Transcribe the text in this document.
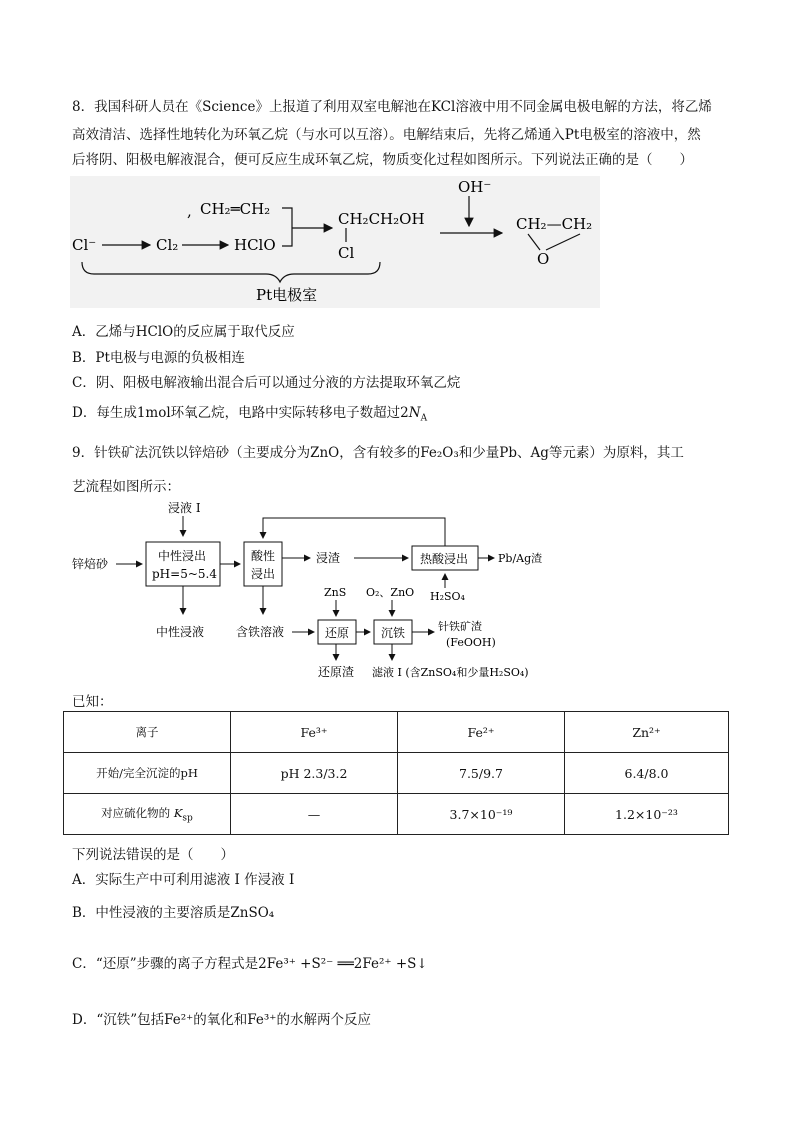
8．我国科研人员在《Science》上报道了利用双室电解池在KCl溶液中用不同金属电极电解的方法，将乙烯
高效清洁、选择性地转化为环氧乙烷（与水可以互溶）。电解结束后，先将乙烯通入Pt电极室的溶液中，然
后将阴、阳极电解液混合，便可反应生成环氧乙烷，物质变化过程如图所示。下列说法正确的是（　　）
Cl⁻	Cl₂	HClO
, CH₂═CH₂
CH₂CH₂OH
Cl
OH⁻
CH₂—CH₂
O
Pt电极室
A．乙烯与HClO的反应属于取代反应
B．Pt电极与电源的负极相连
C．阴、阳极电解液输出混合后可以通过分液的方法提取环氧乙烷
D．每生成1mol环氧乙烷，电路中实际转移电子数超过$2N_A$
9．针铁矿法沉铁以锌焙砂（主要成分为ZnO，含有较多的Fe₂O₃和少量Pb、Ag等元素）为原料，其工
艺流程如图所示：
浸液 I
锌焙砂
中性浸出
pH=5~5.4
酸性
浸出
浸渣	热酸浸出	Pb/Ag渣
H₂SO₄
中性浸液	含铁溶液
ZnS
还原
O₂、ZnO
沉铁	针铁矿渣
(FeOOH)
还原渣 滤液 I (含ZnSO₄和少量H₂SO₄)
已知：
离子	Fe³⁺	Fe²⁺	Zn²⁺
开始/完全沉淀的pH	pH 2.3/3.2	7.5/9.7	6.4/8.0
对应硫化物的 $K_{sp}$	—	3.7×10⁻¹⁹	1.2×10⁻²³
下列说法错误的是（　　）
A．实际生产中可利用滤液 I 作浸液 I
B．中性浸液的主要溶质是ZnSO₄
C．“还原”步骤的离子方程式是2Fe³⁺ +S²⁻ ══2Fe²⁺ +S↓
D．“沉铁”包括Fe²⁺的氧化和Fe³⁺的水解两个反应
